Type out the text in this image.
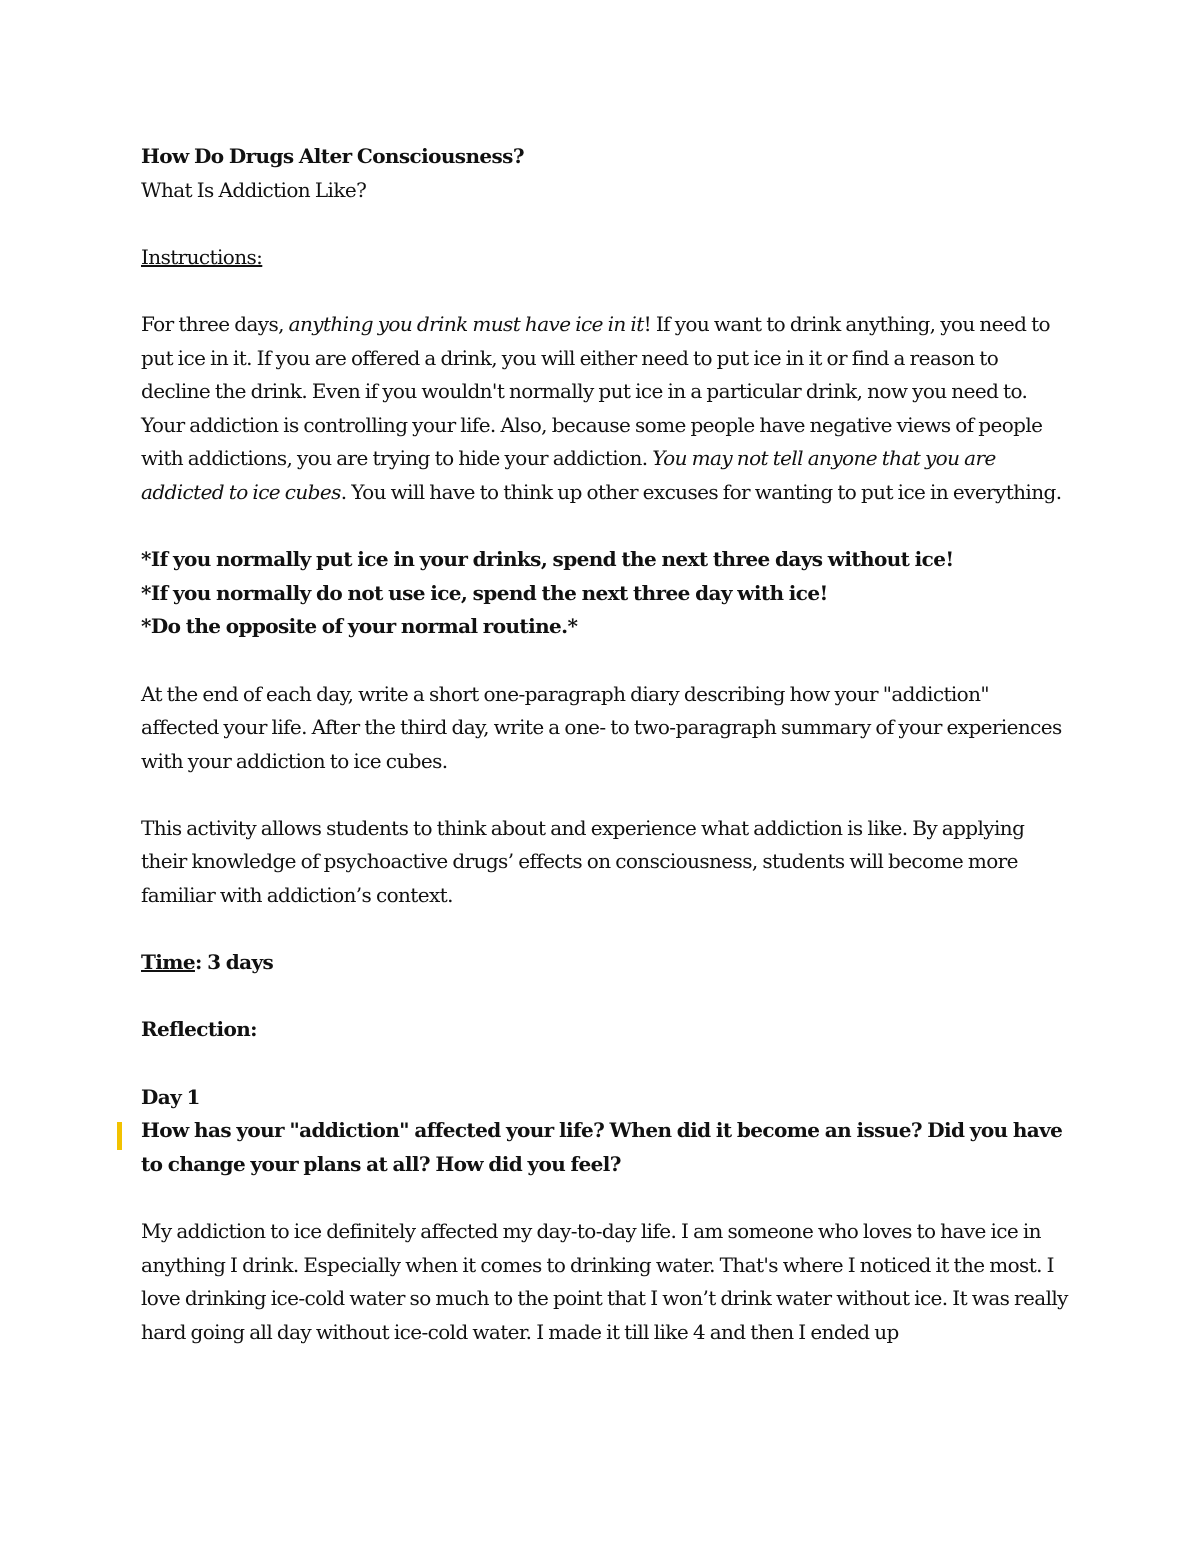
How Do Drugs Alter Consciousness?

What Is Addiction Like?

Instructions:

For three days, anything you drink must have ice in it! If you want to drink anything, you need to put ice in it. If you are offered a drink, you will either need to put ice in it or find a reason to decline the drink. Even if you wouldn't normally put ice in a particular drink, now you need to. Your addiction is controlling your life. Also, because some people have negative views of people with addictions, you are trying to hide your addiction. You may not tell anyone that you are addicted to ice cubes. You will have to think up other excuses for wanting to put ice in everything.

*If you normally put ice in your drinks, spend the next three days without ice!

*If you normally do not use ice, spend the next three day with ice!

*Do the opposite of your normal routine.*

At the end of each day, write a short one-paragraph diary describing how your "addiction" affected your life. After the third day, write a one- to two-paragraph summary of your experiences with your addiction to ice cubes.

This activity allows students to think about and experience what addiction is like. By applying their knowledge of psychoactive drugs’ effects on consciousness, students will become more familiar with addiction’s context.

Time: 3 days

Reflection:

Day 1

How has your "addiction" affected your life? When did it become an issue? Did you have to change your plans at all? How did you feel?

My addiction to ice definitely affected my day-to-day life. I am someone who loves to have ice in anything I drink. Especially when it comes to drinking water. That's where I noticed it the most. I love drinking ice-cold water so much to the point that I won’t drink water without ice. It was really hard going all day without ice-cold water. I made it till like 4 and then I ended up
